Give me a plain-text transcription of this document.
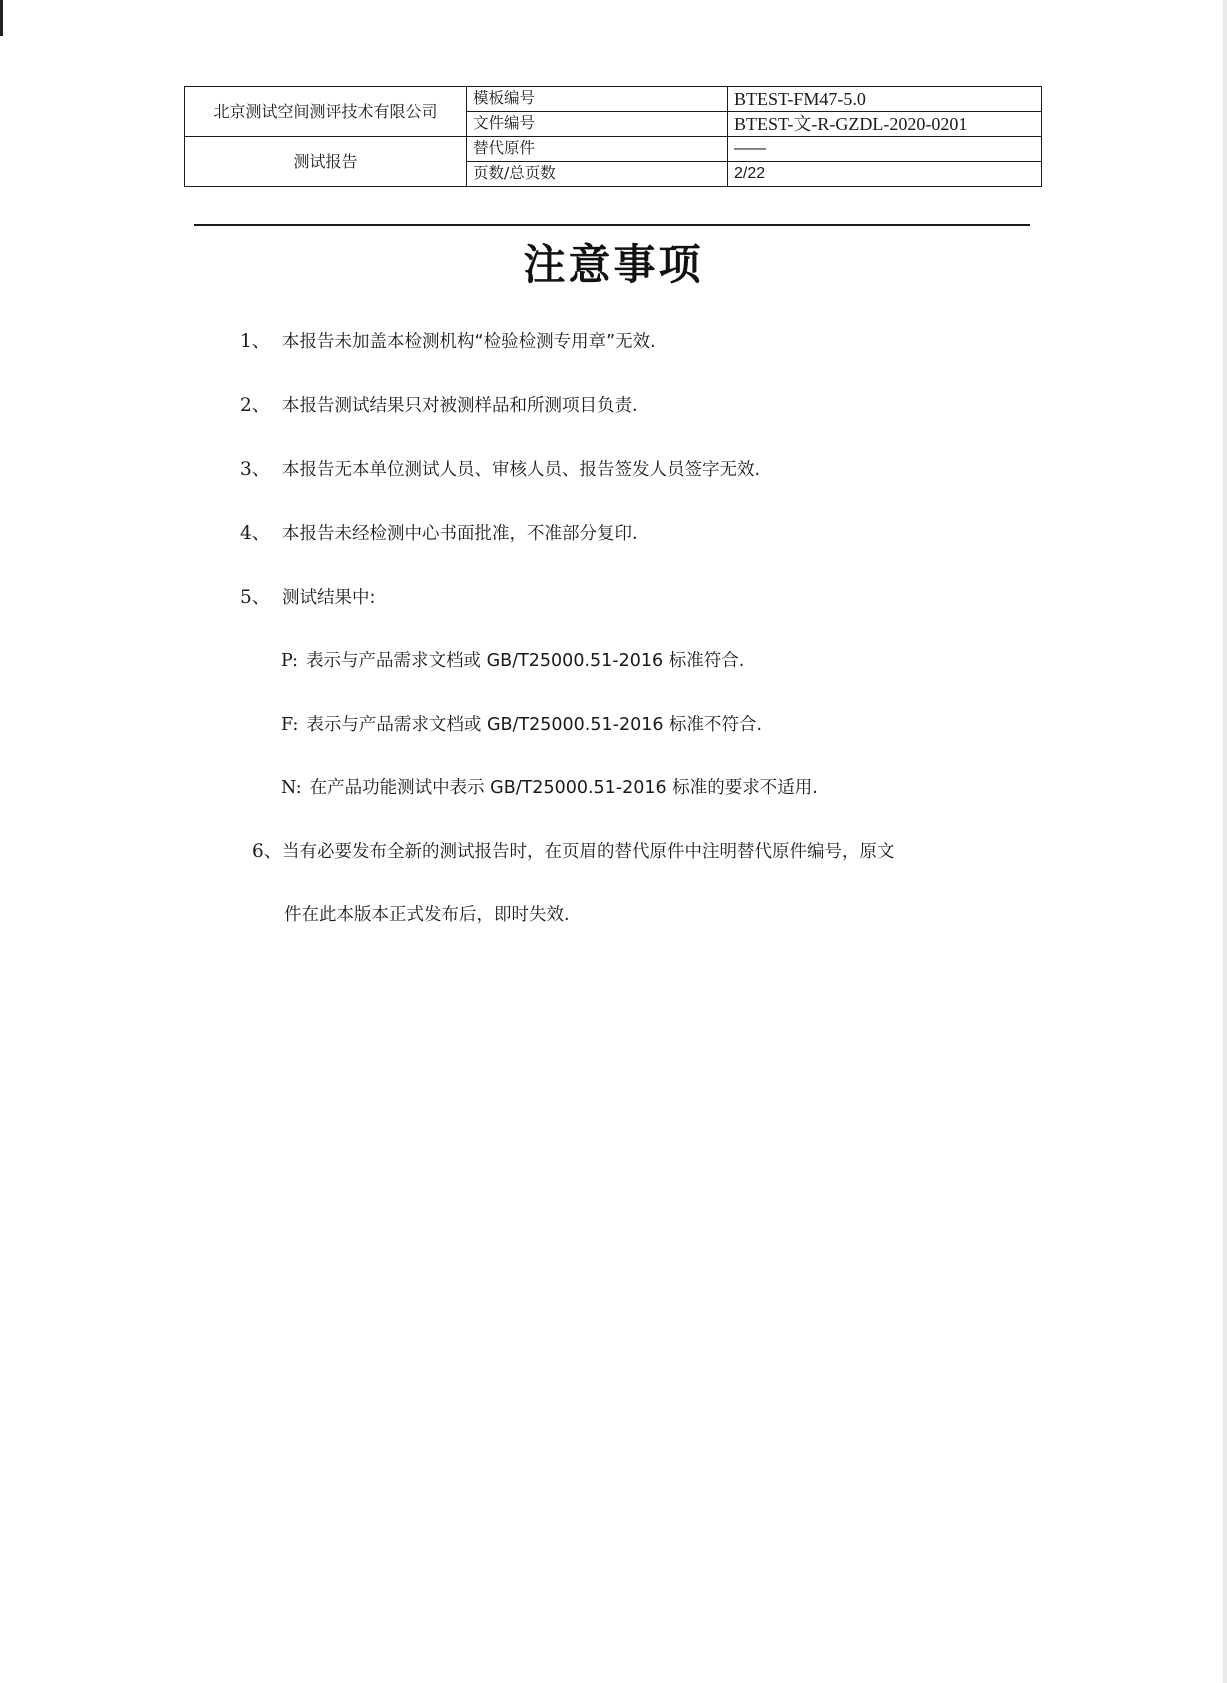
北京测试空间测评技术有限公司	模板编号	BTEST-FM47-5.0
	文件编号	BTEST-文-R-GZDL-2020-0201
测试报告	替代原件	——
	页数/总页数	2/22
注意事项
1、 本报告未加盖本检测机构“检验检测专用章”无效.
2、 本报告测试结果只对被测样品和所测项目负责.
3、 本报告无本单位测试人员、审核人员、报告签发人员签字无效.
4、 本报告未经检测中心书面批准，不准部分复印.
5、 测试结果中:
P: 表示与产品需求文档或 GB/T25000.51-2016 标准符合.
F: 表示与产品需求文档或 GB/T25000.51-2016 标准不符合.
N: 在产品功能测试中表示 GB/T25000.51-2016 标准的要求不适用.
6、当有必要发布全新的测试报告时，在页眉的替代原件中注明替代原件编号，原文
件在此本版本正式发布后，即时失效.
